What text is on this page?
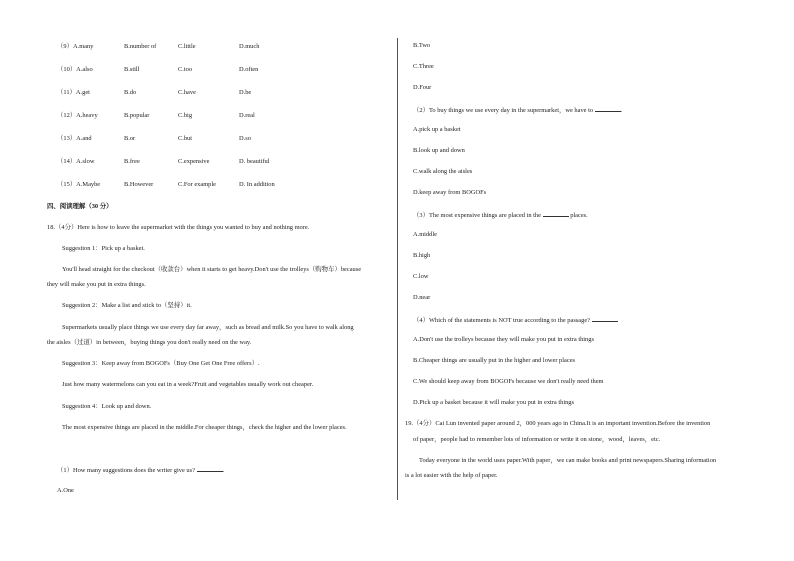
（9）A.many	B.number of	C.little	D.much
（10）A.also	B.still	C.too	D.often
（11）A.get	B.do	C.have	D.be
（12）A.heavy	B.popular	C.big	D.real
（13）A.and	B.or	C.but	D.so
（14）A.slow	B.free	C.expensive	D. beautiful
（15）A.Maybe	B.However	C.For example	D. In addition
四、阅读理解（30 分）
18.（4分）Here is how to leave the supermarket with the things you wanted to buy and nothing more.
Suggestion 1：Pick up a basket.
You'll head straight for the checkout（收款台）when it starts to get heavy.Don't use the trolleys（购物车）because
they will make you put in extra things.
Suggestion 2：Make a list and stick to（坚持）it.
Supermarkets usually place things we use every day far away，such as bread and milk.So you have to walk along
the aisles（过道）in between，buying things you don't really need on the way.
Suggestion 3：Keep away from BOGOFs（Buy One Get One Free offers）.
Just how many watermelons can you eat in a week?Fruit and vegetables usually work out cheaper.
Suggestion 4：Look up and down.
The most expensive things are placed in the middle.For cheaper things，check the higher and the lower places.
（1）How many suggestions does the writer give us?	.
A.One
B.Two
C.Three
D.Four
（2）To buy things we use every day in the supermarket，we have to	.
A.pick up a basket
B.look up and down
C.walk along the aisles
D.keep away from BOGOFs
（3）The most expensive things are placed in the	places.
A.middle
B.high
C.low
D.near
（4）Which of the statements is NOT true according to the passage?
A.Don't use the trolleys because they will make you put in extra things
B.Cheaper things are usually put in the higher and lower places
C.We should keep away from BOGOFs because we don't really need them
D.Pick up a basket because it will make you put in extra things
19.（4分）Cai Lun invented paper around 2，000 years ago in China.It is an important invention.Before the invention
of paper，people had to remember lots of information or write it on stone，wood，leaves，etc.
Today everyone in the world uses paper.With paper，we can make books and print newspapers.Sharing information
is a lot easier with the help of paper.
